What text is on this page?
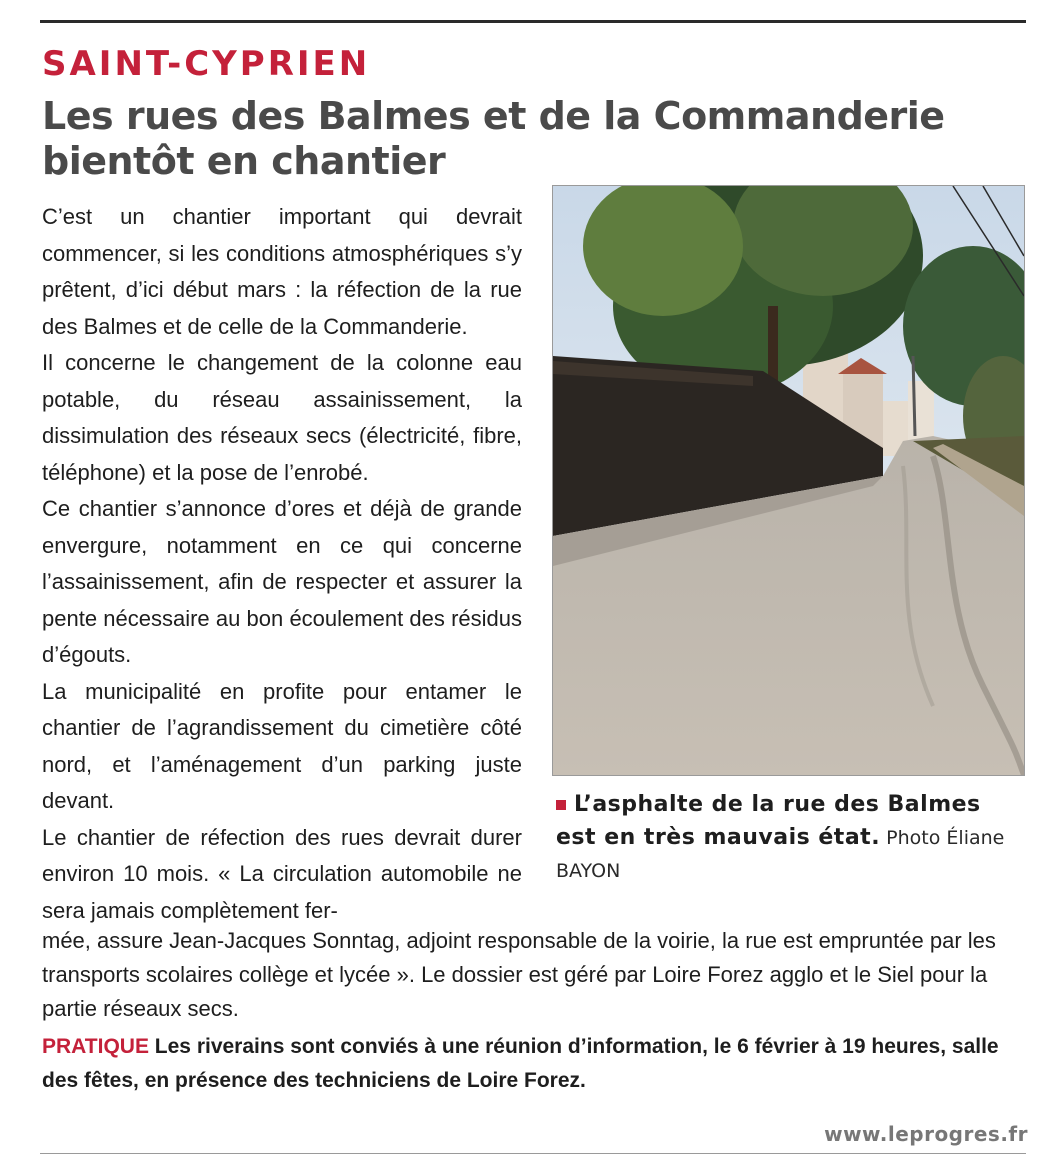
SAINT-CYPRIEN
Les rues des Balmes et de la Commanderie bientôt en chantier

C’est un chantier important qui devrait commencer, si les conditions atmosphériques s’y prêtent, d’ici début mars : la réfection de la rue des Balmes et de celle de la Commanderie.

Il concerne le changement de la colonne eau potable, du réseau assainissement, la dissimulation des réseaux secs (électricité, fibre, téléphone) et la pose de l’enrobé.

Ce chantier s’annonce d’ores et déjà de grande envergure, notamment en ce qui concerne l’assainissement, afin de respecter et assurer la pente nécessaire au bon écoulement des résidus d’égouts.

La municipalité en profite pour entamer le chantier de l’agrandissement du cimetière côté nord, et l’aménagement d’un parking juste devant.

Le chantier de réfection des rues devrait durer environ 10 mois. « La circulation automobile ne sera jamais complètement fer-

L’asphalte de la rue des Balmes est en très mauvais état. Photo Éliane BAYON

mée, assure Jean-Jacques Sonntag, adjoint responsable de la voirie, la rue est empruntée par les transports scolaires collège et lycée ». Le dossier est géré par Loire Forez agglo et le Siel pour la partie réseaux secs.

PRATIQUE Les riverains sont conviés à une réunion d’information, le 6 février à 19 heures, salle des fêtes, en présence des techniciens de Loire Forez.

www.leprogres.fr
